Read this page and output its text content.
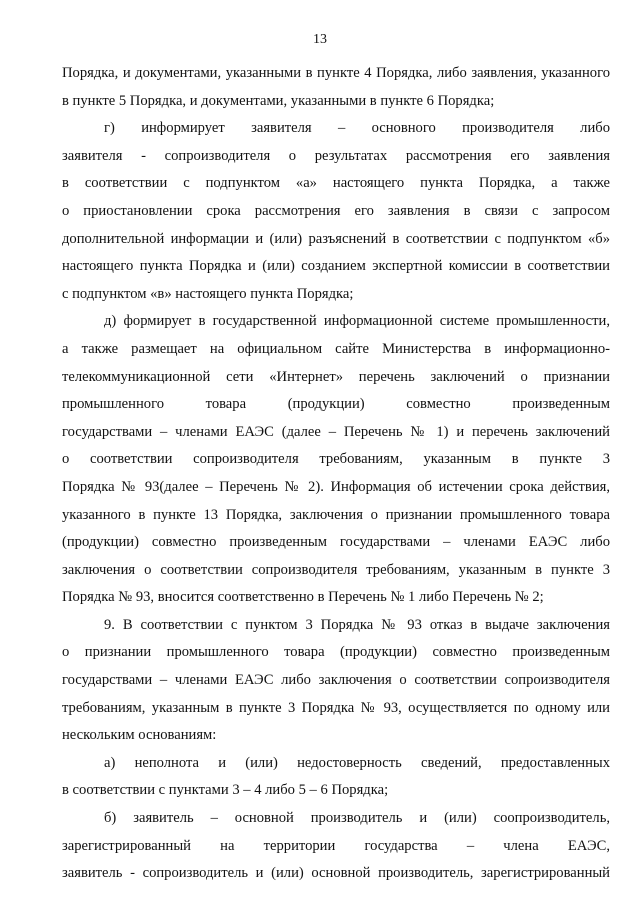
13
Порядка, и документами, указанными в пункте 4 Порядка, либо заявления, указанного
в пункте 5 Порядка, и документами, указанными в пункте 6 Порядка;
г) информирует заявителя – основного производителя либо
заявителя - сопроизводителя о результатах рассмотрения его заявления
в соответствии с подпунктом «а» настоящего пункта Порядка, а также
о приостановлении срока рассмотрения его заявления в связи с запросом
дополнительной информации и (или) разъяснений в соответствии с подпунктом «б»
настоящего пункта Порядка и (или) созданием экспертной комиссии в соответствии
с подпунктом «в» настоящего пункта Порядка;
д) формирует в государственной информационной системе промышленности,
а также размещает на официальном сайте Министерства в информационно-
телекоммуникационной сети «Интернет» перечень заключений о признании
промышленного товара (продукции) совместно произведенным
государствами – членами ЕАЭС (далее – Перечень № 1) и перечень заключений
о соответствии сопроизводителя требованиям, указанным в пункте 3
Порядка № 93(далее – Перечень № 2). Информация об истечении срока действия,
указанного в пункте 13 Порядка, заключения о признании промышленного товара
(продукции) совместно произведенным государствами – членами ЕАЭС либо
заключения о соответствии сопроизводителя требованиям, указанным в пункте 3
Порядка № 93, вносится соответственно в Перечень № 1 либо Перечень № 2;
9. В соответствии с пунктом 3 Порядка № 93 отказ в выдаче заключения
о признании промышленного товара (продукции) совместно произведенным
государствами – членами ЕАЭС либо заключения о соответствии сопроизводителя
требованиям, указанным в пункте 3 Порядка № 93, осуществляется по одному или
нескольким основаниям:
а) неполнота и (или) недостоверность сведений, предоставленных
в соответствии с пунктами 3 – 4 либо 5 – 6 Порядка;
б) заявитель – основной производитель и (или) соопроизводитель,
зарегистрированный на территории государства – члена ЕАЭС,
заявитель - сопроизводитель и (или) основной производитель, зарегистрированный
